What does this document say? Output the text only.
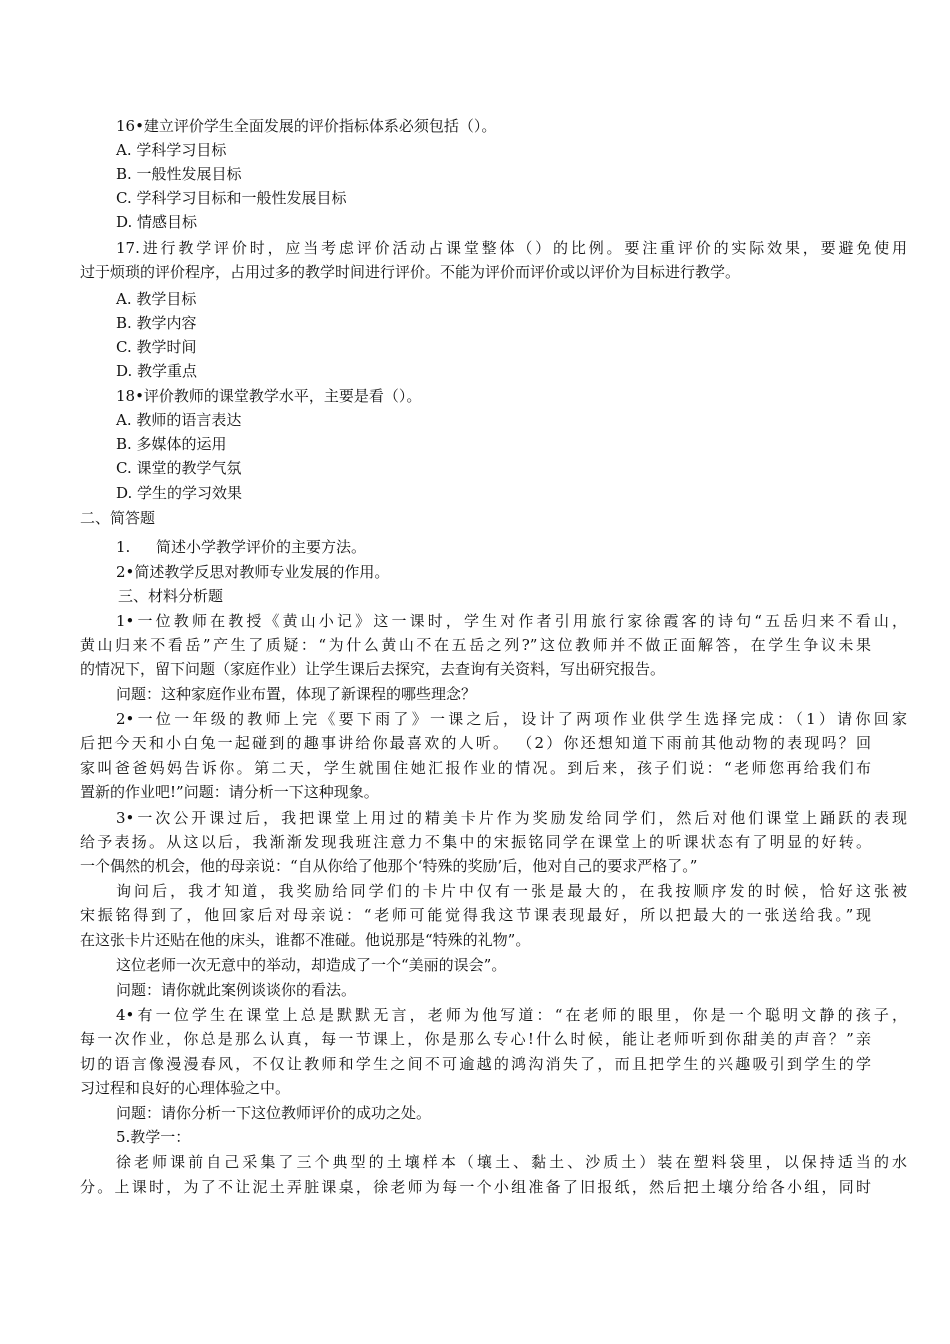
16•建立评价学生全面发展的评价指标体系必须包括（）。
A. 学科学习目标
B. 一般性发展目标
C. 学科学习目标和一般性发展目标
D. 情感目标
17.进行教学评价时，应当考虑评价活动占课堂整体（）的比例。要注重评价的实际效果，要避免使用
过于烦琐的评价程序，占用过多的教学时间进行评价。不能为评价而评价或以评价为目标进行教学。
A. 教学目标
B. 教学内容
C. 教学时间
D. 教学重点
18•评价教师的课堂教学水平，主要是看（）。
A. 教师的语言表达
B. 多媒体的运用
C. 课堂的教学气氛
D. 学生的学习效果
二、简答题
1. 简述小学教学评价的主要方法。
2•简述教学反思对教师专业发展的作用。
三、材料分析题
1•一位教师在教授《黄山小记》这一课时，学生对作者引用旅行家徐霞客的诗句“五岳归来不看山，
黄山归来不看岳”产生了质疑：“为什么黄山不在五岳之列?”这位教师并不做正面解答，在学生争议未果
的情况下，留下问题（家庭作业）让学生课后去探究，去查询有关资料，写出研究报告。
问题：这种家庭作业布置，体现了新课程的哪些理念？
2•一位一年级的教师上完《要下雨了》一课之后，设计了两项作业供学生选择完成：（1）请你回家
后把今天和小白兔一起碰到的趣事讲给你最喜欢的人听。 （2）你还想知道下雨前其他动物的表现吗？回
家叫爸爸妈妈告诉你。第二天，学生就围住她汇报作业的情况。到后来，孩子们说：“老师您再给我们布
置新的作业吧!”问题：请分析一下这种现象。
3•一次公开课过后，我把课堂上用过的精美卡片作为奖励发给同学们，然后对他们课堂上踊跃的表现
给予表扬。从这以后，我渐渐发现我班注意力不集中的宋振铭同学在课堂上的听课状态有了明显的好转。
一个偶然的机会，他的母亲说：“自从你给了他那个‘特殊的奖励’后，他对自己的要求严格了。”
询问后，我才知道，我奖励给同学们的卡片中仅有一张是最大的，在我按顺序发的时候，恰好这张被
宋振铭得到了，他回家后对母亲说：“老师可能觉得我这节课表现最好，所以把最大的一张送给我。”现
在这张卡片还贴在他的床头，谁都不准碰。他说那是“特殊的礼物”。
这位老师一次无意中的举动，却造成了一个“美丽的误会”。
问题：请你就此案例谈谈你的看法。
4•有一位学生在课堂上总是默默无言，老师为他写道：“在老师的眼里，你是一个聪明文静的孩子，
每一次作业，你总是那么认真，每一节课上，你是那么专心!什么时候，能让老师听到你甜美的声音？”亲
切的语言像漫漫春风，不仅让教师和学生之间不可逾越的鸿沟消失了，而且把学生的兴趣吸引到学生的学
习过程和良好的心理体验之中。
问题：请你分析一下这位教师评价的成功之处。
5.教学一：
徐老师课前自己采集了三个典型的土壤样本（壤土、黏土、沙质土）装在塑料袋里，以保持适当的水
分。上课时，为了不让泥土弄脏课桌，徐老师为每一个小组准备了旧报纸，然后把土壤分给各小组，同时
